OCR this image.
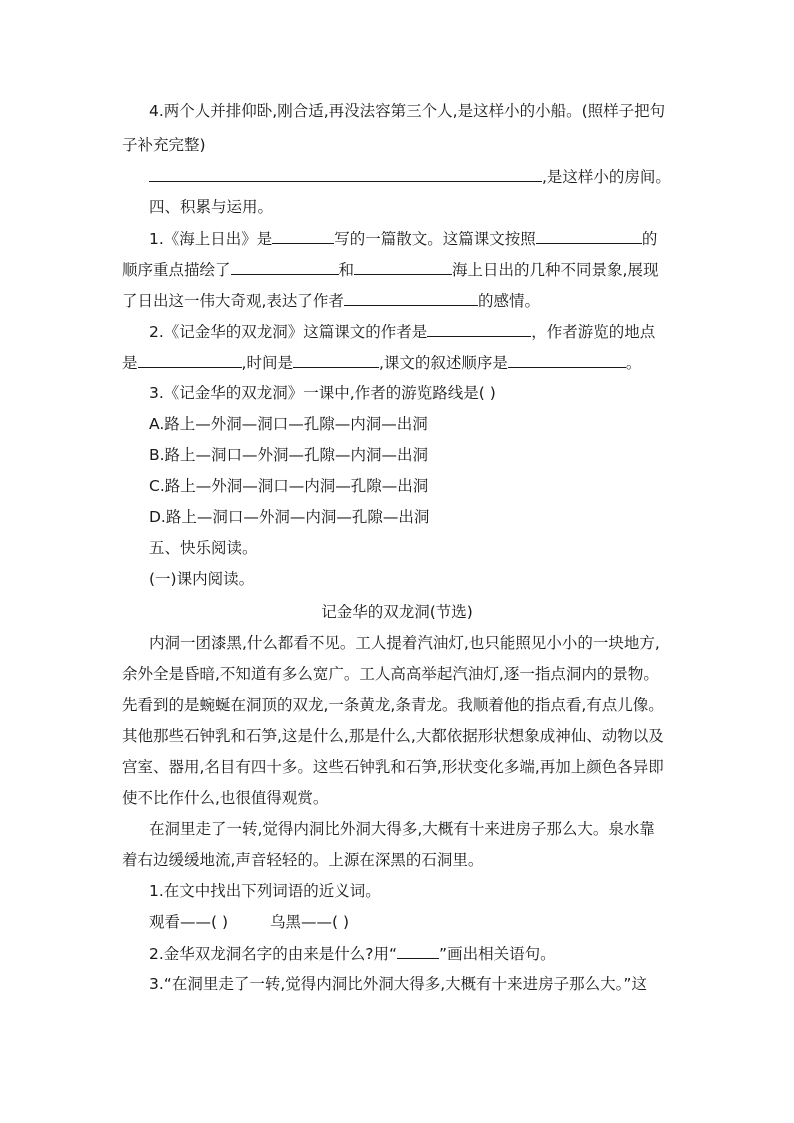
4.两个人并排仰卧,刚合适,再没法容第三个人,是这样小的小船。(照样子把句
子补充完整)
,是这样小的房间。
四、积累与运用。
1.《海上日出》是	写的一篇散文。这篇课文按照	的
顺序重点描绘了	和	海上日出的几种不同景象,展现
了日出这一伟大奇观,表达了作者	的感情。
2.《记金华的双龙洞》这篇课文的作者是	，作者游览的地点
是	,时间是	,课文的叙述顺序是	。
3.《记金华的双龙洞》一课中,作者的游览路线是( )
A.路上—外洞—洞口—孔隙—内洞—出洞
B.路上—洞口—外洞—孔隙—内洞—出洞
C.路上—外洞—洞口—内洞—孔隙—出洞
D.路上—洞口—外洞—内洞—孔隙—出洞
五、快乐阅读。
(一)课内阅读。
记金华的双龙洞(节选)
内洞一团漆黑,什么都看不见。工人提着汽油灯,也只能照见小小的一块地方,
余外全是昏暗,不知道有多么宽广。工人高高举起汽油灯,逐一指点洞内的景物。
先看到的是蜿蜒在洞顶的双龙,一条黄龙,条青龙。我顺着他的指点看,有点儿像。
其他那些石钟乳和石笋,这是什么,那是什么,大都依据形状想象成神仙、动物以及
宫室、器用,名目有四十多。这些石钟乳和石笋,形状变化多端,再加上颜色各异即
使不比作什么,也很值得观赏。
在洞里走了一转,觉得内洞比外洞大得多,大概有十来进房子那么大。泉水靠
着右边缓缓地流,声音轻轻的。上源在深黑的石洞里。
1.在文中找出下列词语的近义词。
观看——( )	乌黑——( )
2.金华双龙洞名字的由来是什么?用“	”画出相关语句。
3.“在洞里走了一转,觉得内洞比外洞大得多,大概有十来进房子那么大。”这
